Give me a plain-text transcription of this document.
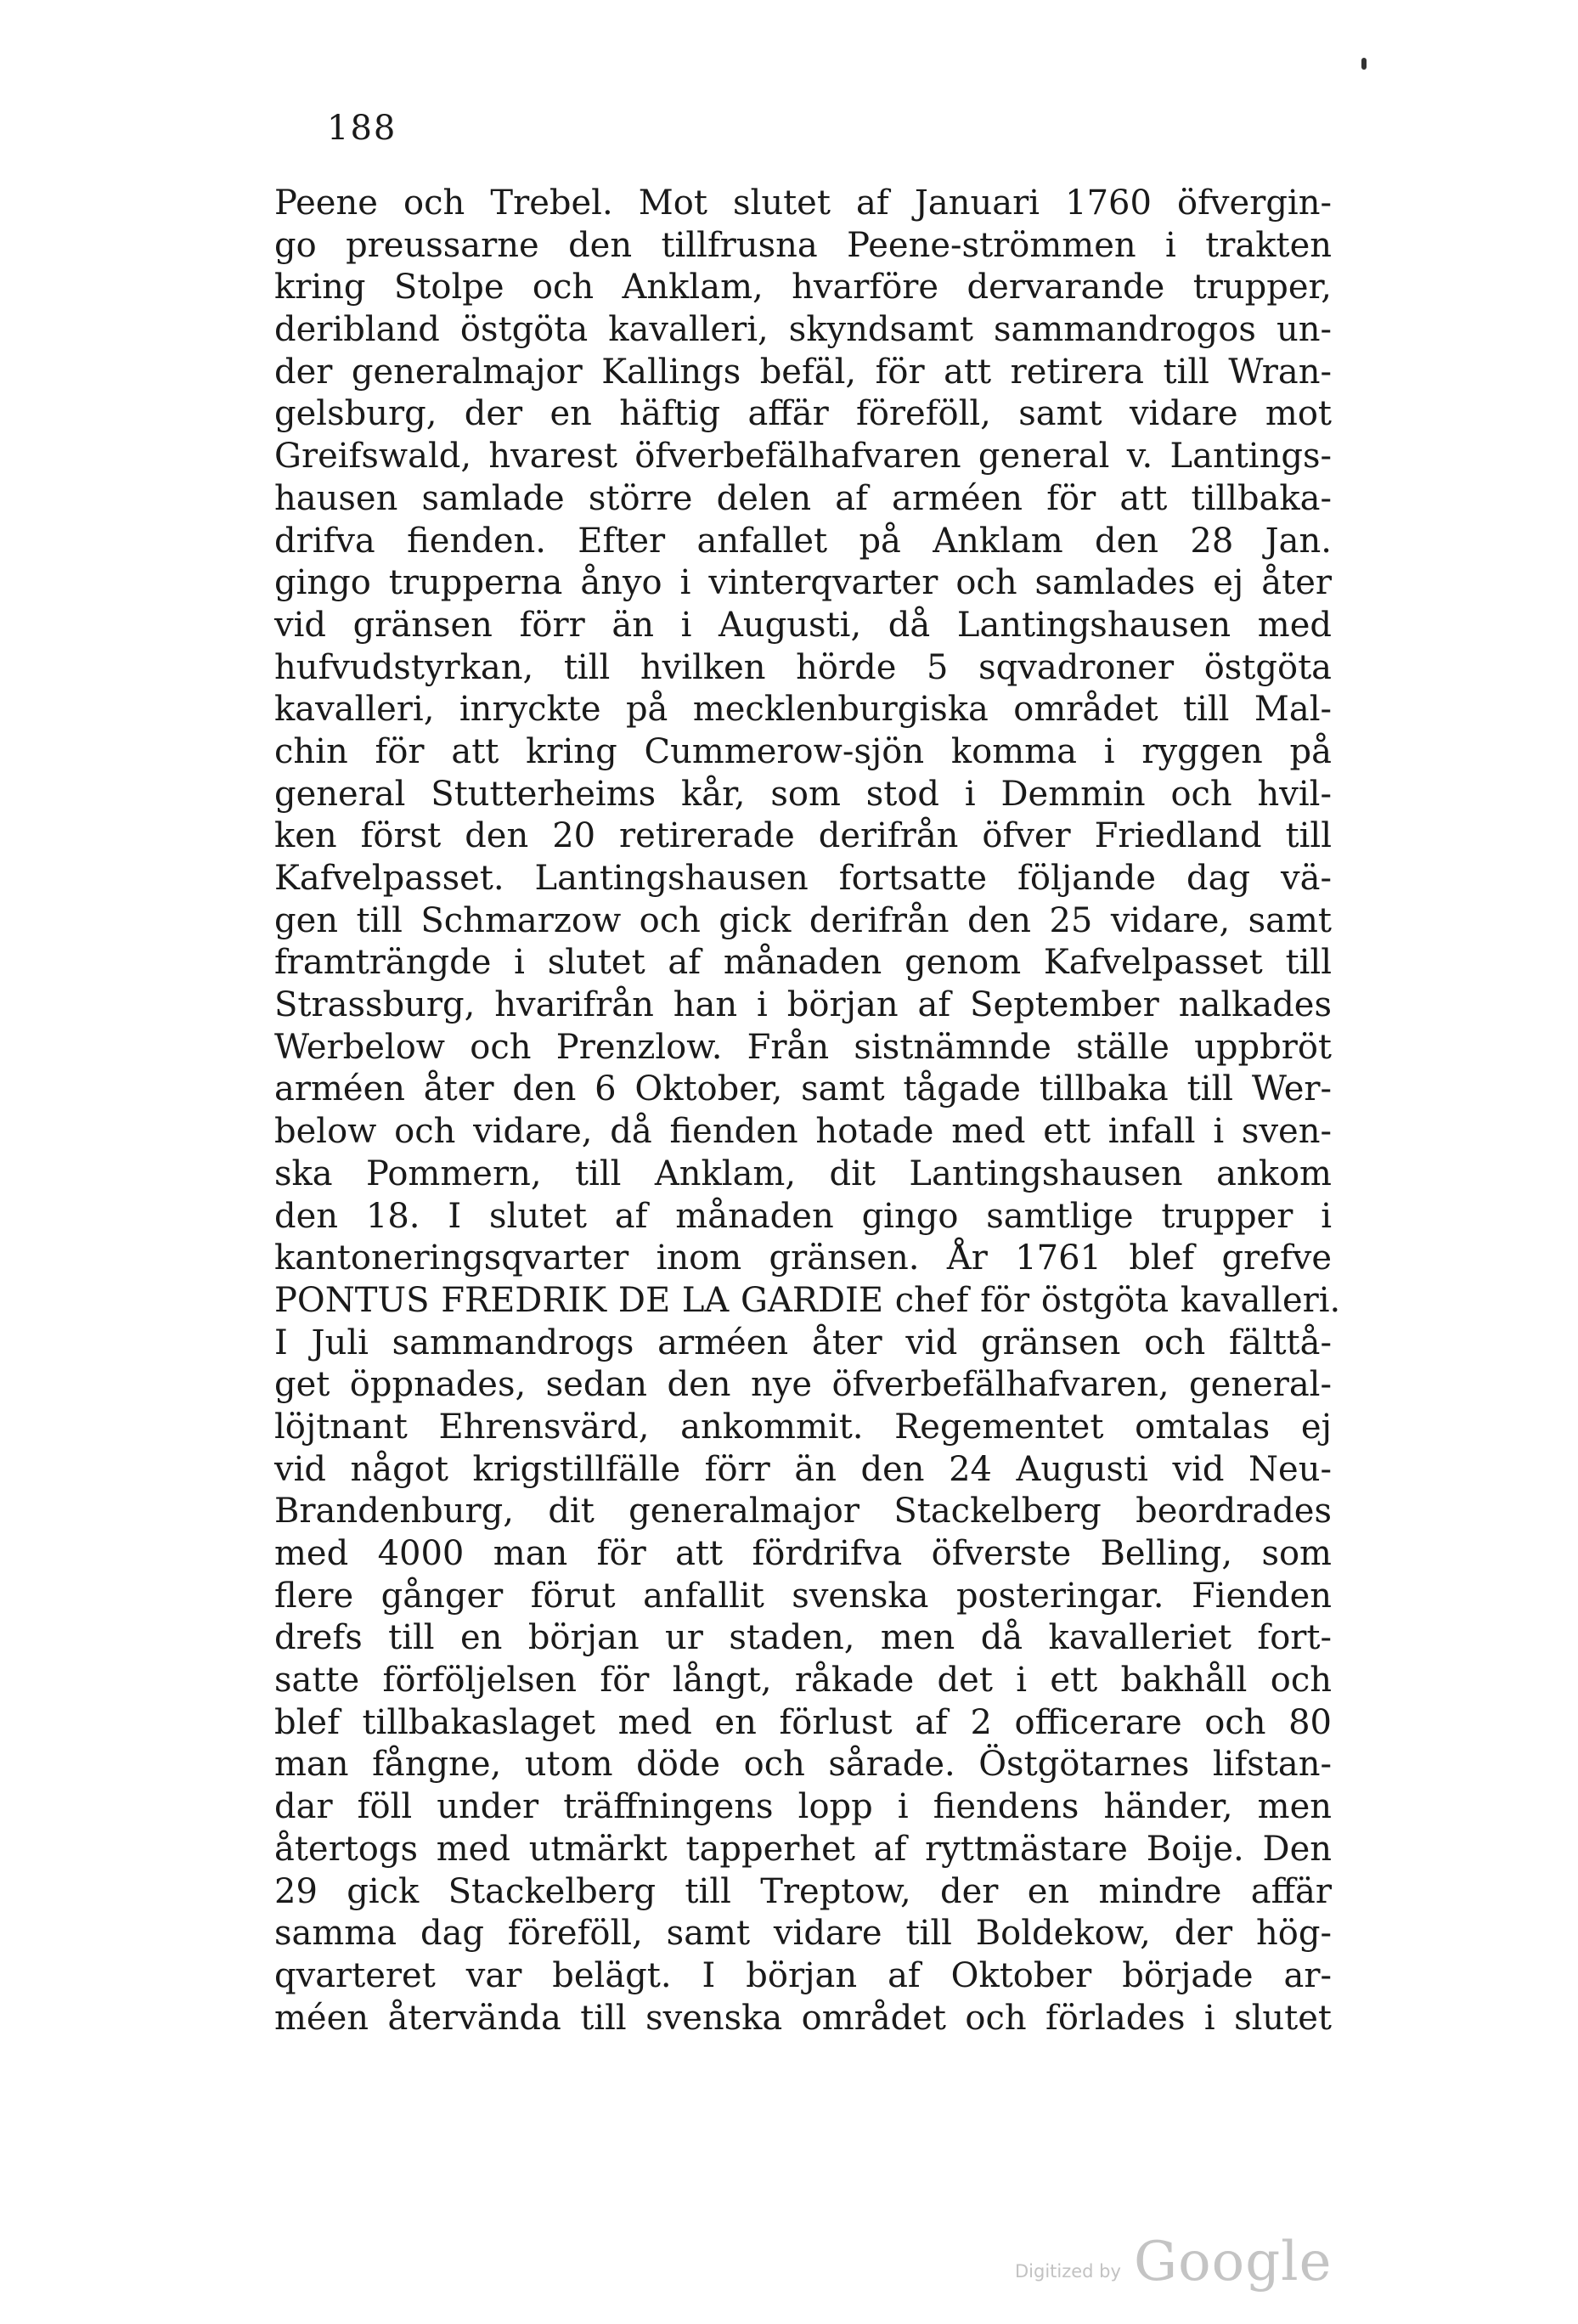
188
Peene och Trebel. Mot slutet af Januari 1760 öfvergin-
go preussarne den tillfrusna Peene-strömmen i trakten
kring Stolpe och Anklam, hvarföre dervarande trupper,
deribland östgöta kavalleri, skyndsamt sammandrogos un-
der generalmajor Kallings befäl, för att retirera till Wran-
gelsburg, der en häftig affär föreföll, samt vidare mot
Greifswald, hvarest öfverbefälhafvaren general v. Lantings-
hausen samlade större delen af arméen för att tillbaka-
drifva fienden. Efter anfallet på Anklam den 28 Jan.
gingo trupperna ånyo i vinterqvarter och samlades ej åter
vid gränsen förr än i Augusti, då Lantingshausen med
hufvudstyrkan, till hvilken hörde 5 sqvadroner östgöta
kavalleri, inryckte på mecklenburgiska området till Mal-
chin för att kring Cummerow-sjön komma i ryggen på
general Stutterheims kår, som stod i Demmin och hvil-
ken först den 20 retirerade derifrån öfver Friedland till
Kafvelpasset. Lantingshausen fortsatte följande dag vä-
gen till Schmarzow och gick derifrån den 25 vidare, samt
framträngde i slutet af månaden genom Kafvelpasset till
Strassburg, hvarifrån han i början af September nalkades
Werbelow och Prenzlow. Från sistnämnde ställe uppbröt
arméen åter den 6 Oktober, samt tågade tillbaka till Wer-
below och vidare, då fienden hotade med ett infall i sven-
ska Pommern, till Anklam, dit Lantingshausen ankom
den 18. I slutet af månaden gingo samtlige trupper i
kantoneringsqvarter inom gränsen. År 1761 blef grefve
PONTUS FREDRIK DE LA GARDIE chef för östgöta kavalleri.
I Juli sammandrogs arméen åter vid gränsen och fälttå-
get öppnades, sedan den nye öfverbefälhafvaren, general-
löjtnant Ehrensvärd, ankommit. Regementet omtalas ej
vid något krigstillfälle förr än den 24 Augusti vid Neu-
Brandenburg, dit generalmajor Stackelberg beordrades
med 4000 man för att fördrifva öfverste Belling, som
flere gånger förut anfallit svenska posteringar. Fienden
drefs till en början ur staden, men då kavalleriet fort-
satte förföljelsen för långt, råkade det i ett bakhåll och
blef tillbakaslaget med en förlust af 2 officerare och 80
man fångne, utom döde och sårade. Östgötarnes lifstan-
dar föll under träffningens lopp i fiendens händer, men
återtogs med utmärkt tapperhet af ryttmästare Boije. Den
29 gick Stackelberg till Treptow, der en mindre affär
samma dag föreföll, samt vidare till Boldekow, der hög-
qvarteret var belägt. I början af Oktober började ar-
méen återvända till svenska området och förlades i slutet
Digitized by Google
